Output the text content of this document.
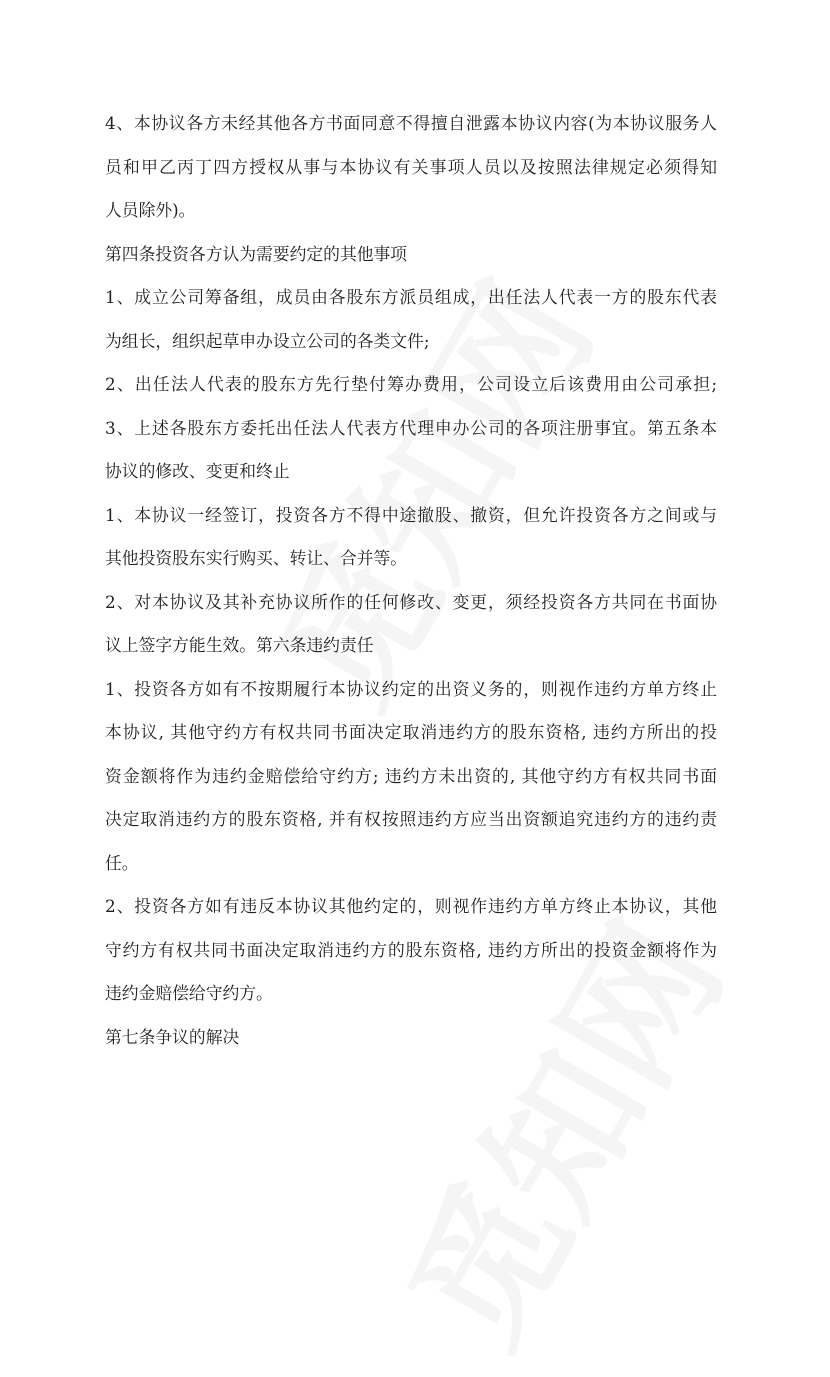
4、本协议各方未经其他各方书面同意不得擅自泄露本协议内容(为本协议服务人
员和甲乙丙丁四方授权从事与本协议有关事项人员以及按照法律规定必须得知
人员除外)。
第四条投资各方认为需要约定的其他事项
1、成立公司筹备组，成员由各股东方派员组成，出任法人代表一方的股东代表
为组长，组织起草申办设立公司的各类文件;
2、出任法人代表的股东方先行垫付筹办费用，公司设立后该费用由公司承担;
3、上述各股东方委托出任法人代表方代理申办公司的各项注册事宜。第五条本
协议的修改、变更和终止
1、本协议一经签订，投资各方不得中途撤股、撤资，但允许投资各方之间或与
其他投资股东实行购买、转让、合并等。
2、对本协议及其补充协议所作的任何修改、变更，须经投资各方共同在书面协
议上签字方能生效。第六条违约责任
1、投资各方如有不按期履行本协议约定的出资义务的，则视作违约方单方终止
本协议, 其他守约方有权共同书面决定取消违约方的股东资格, 违约方所出的投
资金额将作为违约金赔偿给守约方; 违约方未出资的, 其他守约方有权共同书面
决定取消违约方的股东资格, 并有权按照违约方应当出资额追究违约方的违约责
任。
2、投资各方如有违反本协议其他约定的，则视作违约方单方终止本协议，其他
守约方有权共同书面决定取消违约方的股东资格, 违约方所出的投资金额将作为
违约金赔偿给守约方。
第七条争议的解决
